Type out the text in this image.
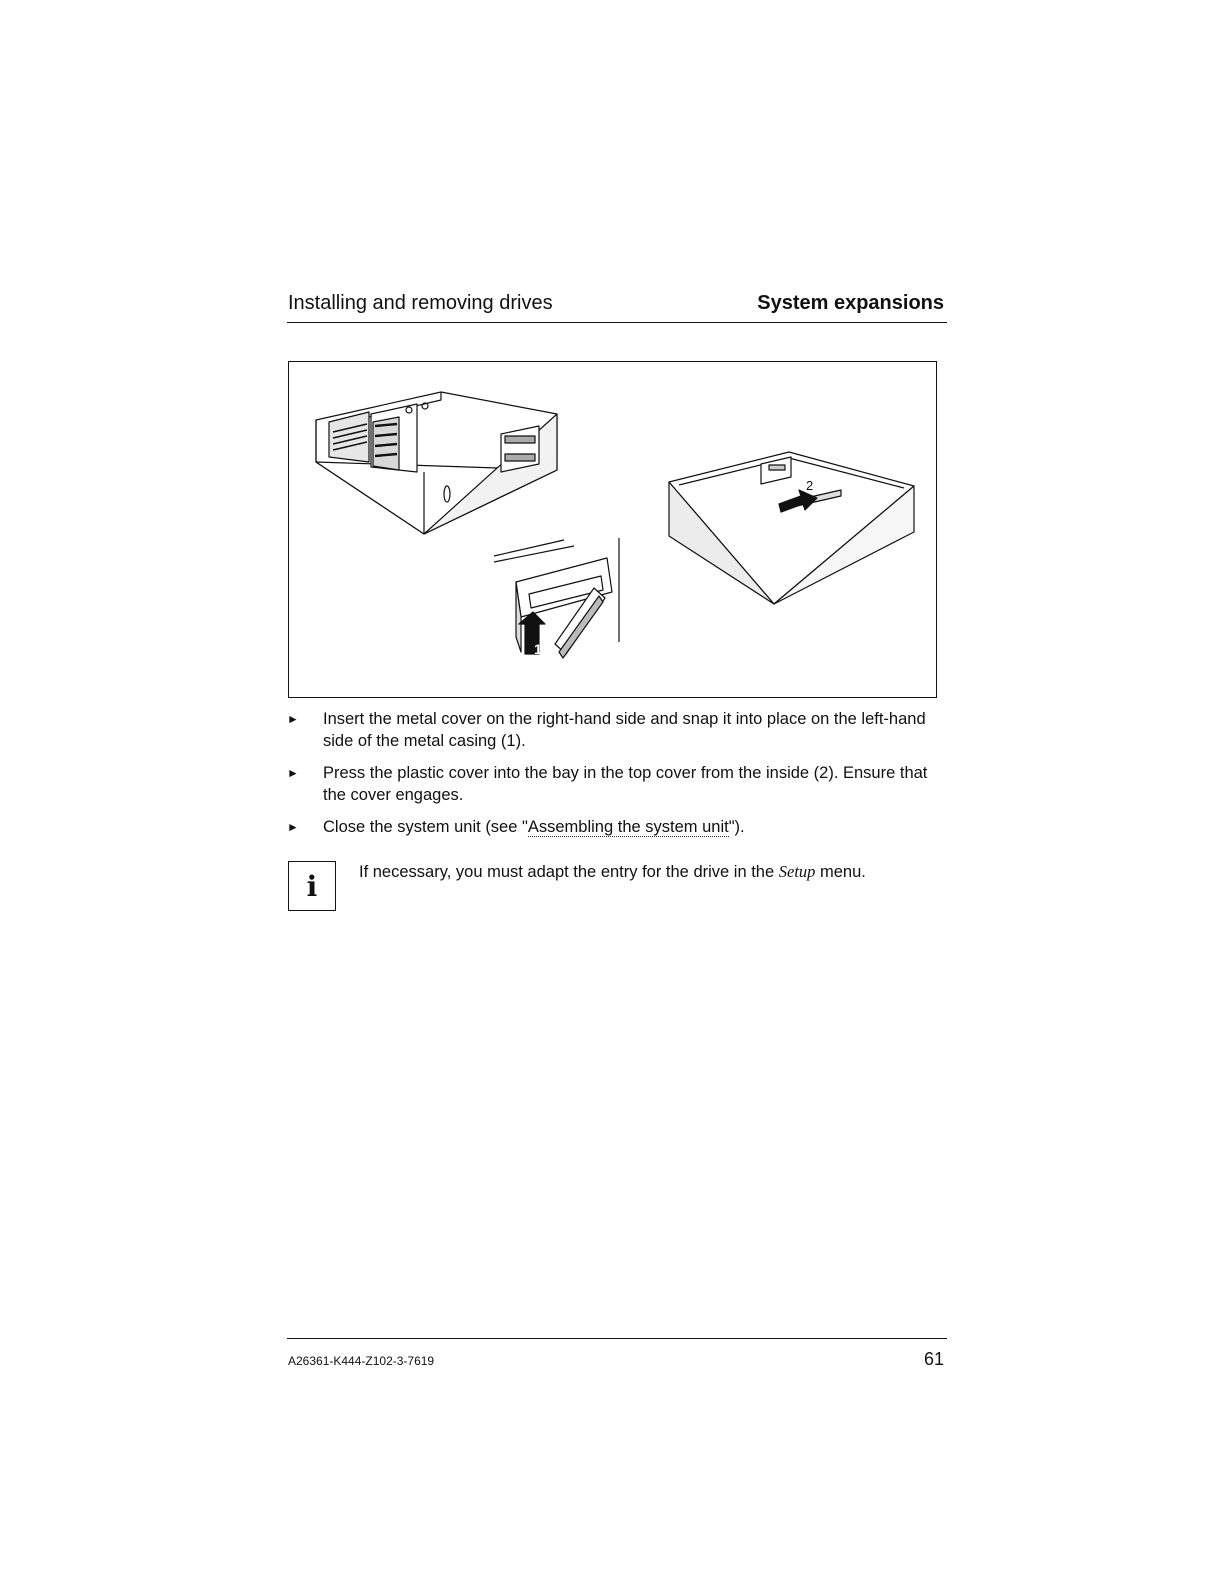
Installing and removing drives	System expansions
1
2
► Insert the metal cover on the right-hand side and snap it into place on the left-hand side of the metal casing (1).
► Press the plastic cover into the bay in the top cover from the inside (2). Ensure that the cover engages.
► Close the system unit (see "Assembling the system unit").
i	If necessary, you must adapt the entry for the drive in the Setup menu.
A26361-K444-Z102-3-7619	61
